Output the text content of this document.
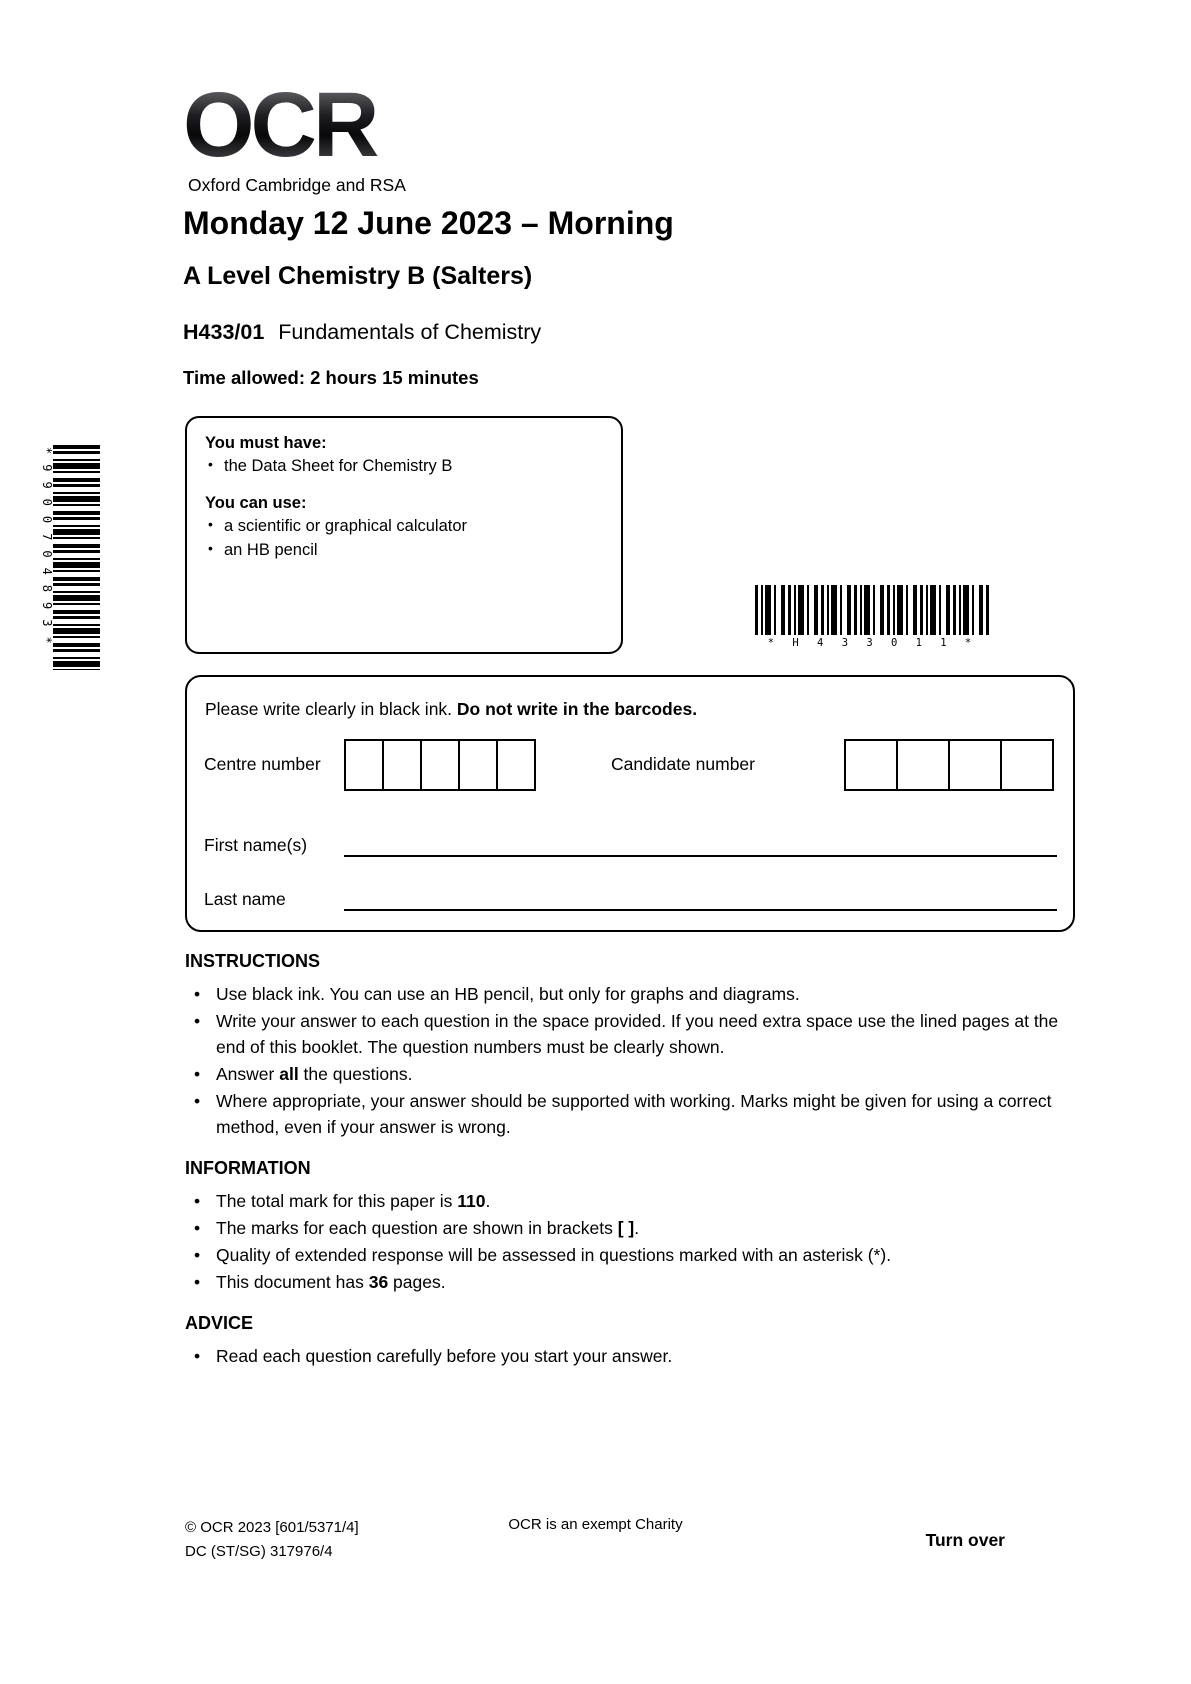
OCR
Oxford Cambridge and RSA
Monday 12 June 2023 – Morning
A Level Chemistry B (Salters)
H433/01 Fundamentals of Chemistry
Time allowed: 2 hours 15 minutes
You must have:
• the Data Sheet for Chemistry B
You can use:
• a scientific or graphical calculator
• an HB pencil
*9900704893*	* H 4 3 3 0 1 1 *
Please write clearly in black ink. Do not write in the barcodes.
Centre number	Candidate number
First name(s)
Last name
INSTRUCTIONS
• Use black ink. You can use an HB pencil, but only for graphs and diagrams.
• Write your answer to each question in the space provided. If you need extra space use the lined pages at the end of this booklet. The question numbers must be clearly shown.
• Answer all the questions.
• Where appropriate, your answer should be supported with working. Marks might be given for using a correct method, even if your answer is wrong.
INFORMATION
• The total mark for this paper is 110.
• The marks for each question are shown in brackets [ ].
• Quality of extended response will be assessed in questions marked with an asterisk (*).
• This document has 36 pages.
ADVICE
• Read each question carefully before you start your answer.
© OCR 2023 [601/5371/4]
DC (ST/SG) 317976/4
OCR is an exempt Charity
Turn over
